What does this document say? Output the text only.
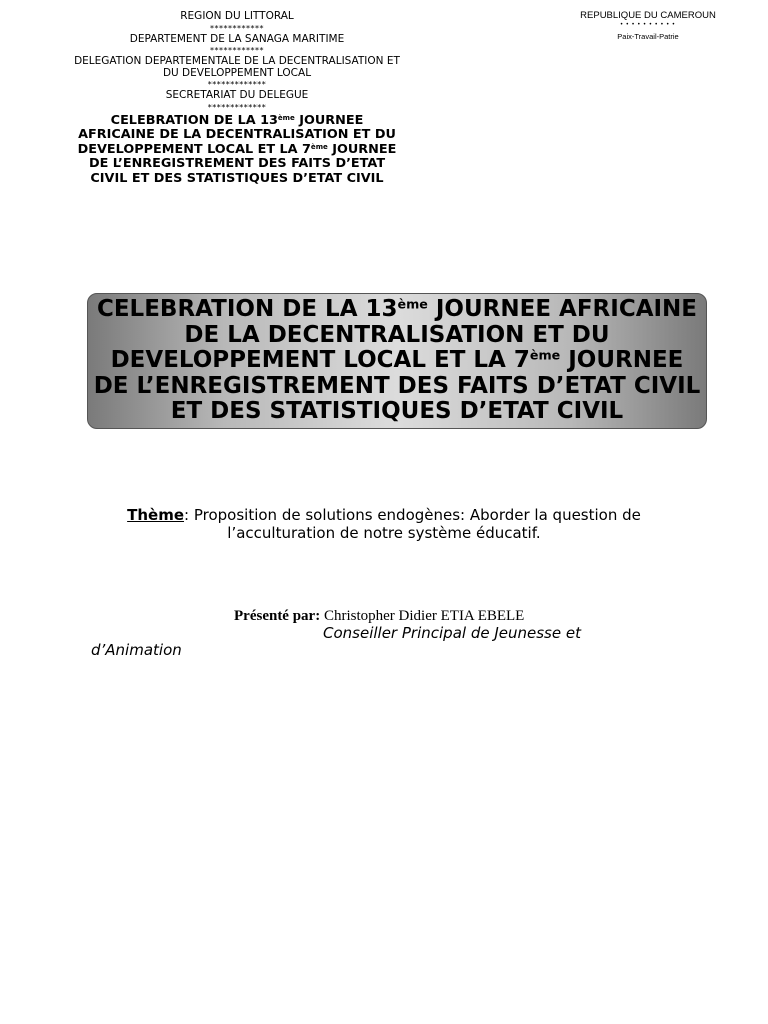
REGION DU LITTORAL
************
DEPARTEMENT DE LA SANAGA MARITIME
************
DELEGATION DEPARTEMENTALE DE LA DECENTRALISATION ET DU DEVELOPPEMENT LOCAL
*************
SECRETARIAT DU DELEGUE
*************
CELEBRATION DE LA 13ème JOURNEE AFRICAINE DE LA DECENTRALISATION ET DU DEVELOPPEMENT LOCAL ET LA 7ème JOURNEE DE L’ENREGISTREMENT DES FAITS D’ETAT CIVIL ET DES STATISTIQUES D’ETAT CIVIL
REPUBLIQUE DU CAMEROUN
• • • • • • • • • •
Paix-Travail-Patrie
CELEBRATION DE LA 13ème JOURNEE AFRICAINE DE LA DECENTRALISATION ET DU DEVELOPPEMENT LOCAL ET LA 7ème JOURNEE DE L’ENREGISTREMENT DES FAITS D’ETAT CIVIL ET DES STATISTIQUES D’ETAT CIVIL
Thème: Proposition de solutions endogènes: Aborder la question de l’acculturation de notre système éducatif.
Présenté par: Christopher Didier ETIA EBELE
Conseiller Principal de Jeunesse et
d’Animation
